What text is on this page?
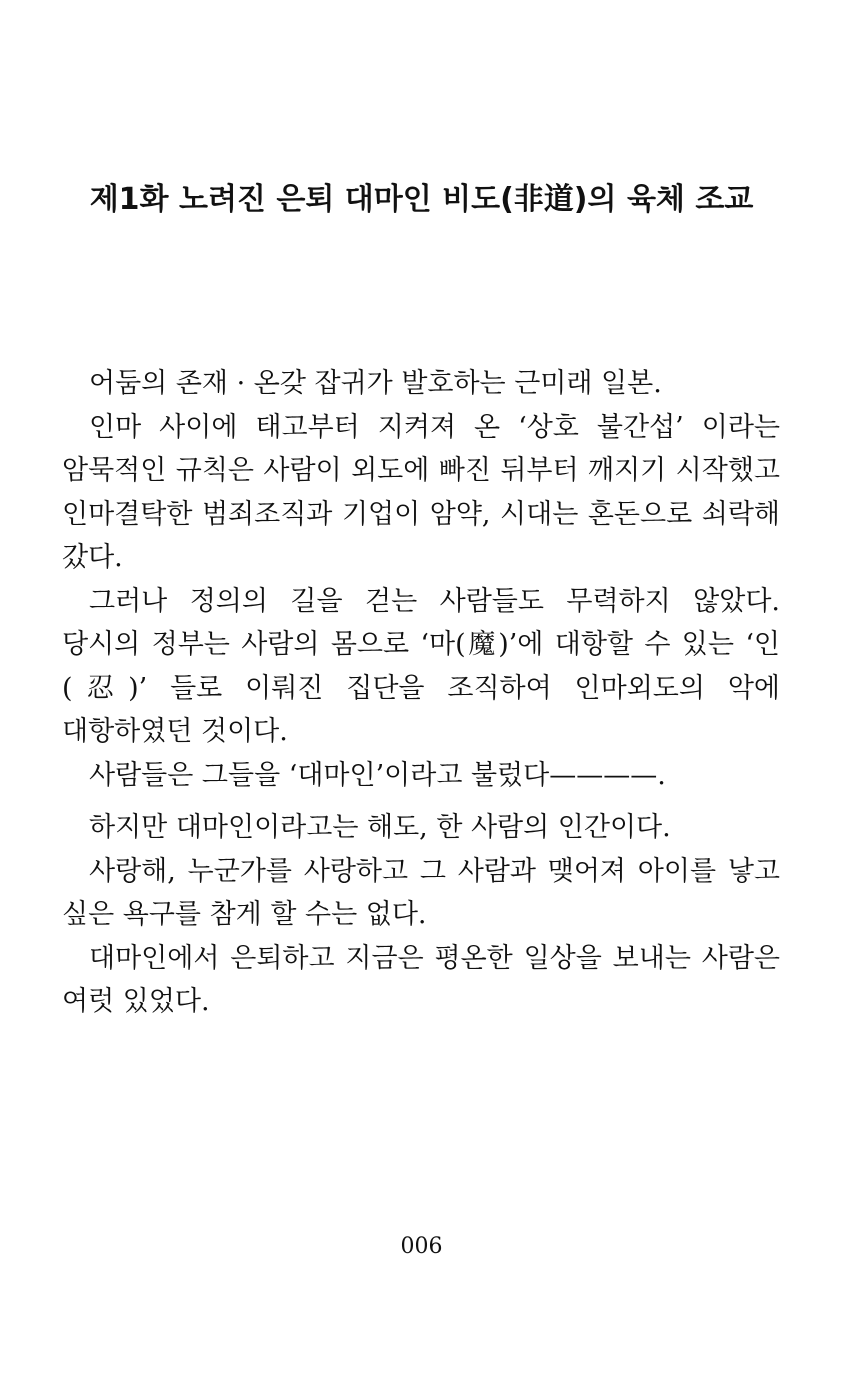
제1화 노려진 은퇴 대마인 비도(非道)의 육체 조교

어둠의 존재 · 온갖 잡귀가 발호하는 근미래 일본.

인마 사이에 태고부터 지켜져 온 ‘상호 불간섭’ 이라는 암묵적인 규칙은 사람이 외도에 빠진 뒤부터 깨지기 시작했고 인마결탁한 범죄조직과 기업이 암약, 시대는 혼돈으로 쇠락해 갔다.

그러나 정의의 길을 걷는 사람들도 무력하지 않았다. 당시의 정부는 사람의 몸으로 ‘마(魔)’에 대항할 수 있는 ‘인(忍)’ 들로 이뤄진 집단을 조직하여 인마외도의 악에 대항하였던 것이다.

사람들은 그들을 ‘대마인’이라고 불렀다————.

하지만 대마인이라고는 해도, 한 사람의 인간이다.

사랑해, 누군가를 사랑하고 그 사람과 맺어져 아이를 낳고 싶은 욕구를 참게 할 수는 없다.

대마인에서 은퇴하고 지금은 평온한 일상을 보내는 사람은 여럿 있었다.

006
